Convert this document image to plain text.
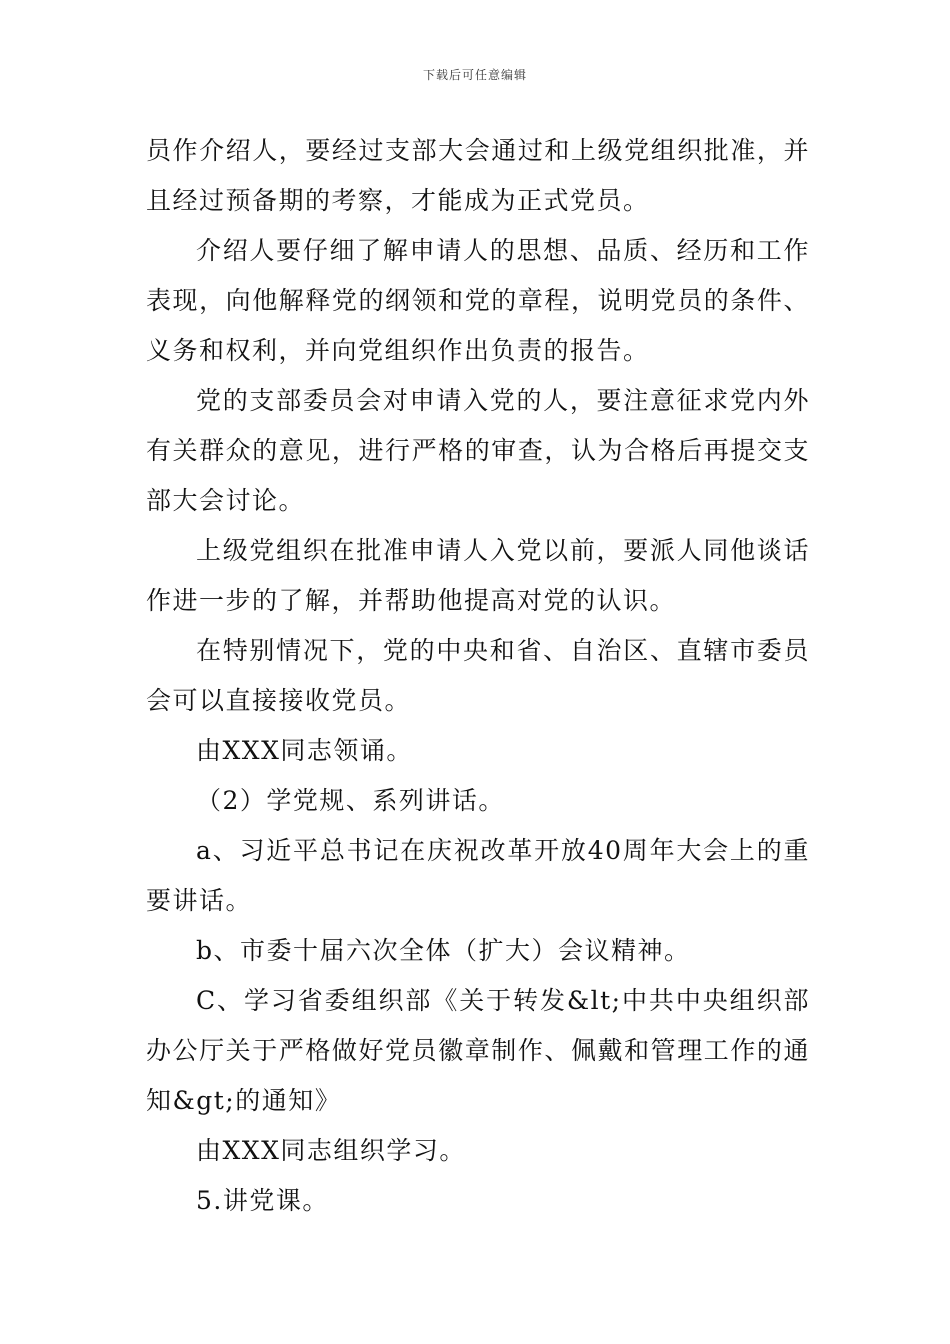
下载后可任意编辑

员作介绍人，要经过支部大会通过和上级党组织批准，并且经过预备期的考察，才能成为正式党员。

介绍人要仔细了解申请人的思想、品质、经历和工作表现，向他解释党的纲领和党的章程，说明党员的条件、义务和权利，并向党组织作出负责的报告。

党的支部委员会对申请入党的人，要注意征求党内外有关群众的意见，进行严格的审查，认为合格后再提交支部大会讨论。

上级党组织在批准申请人入党以前，要派人同他谈话作进一步的了解，并帮助他提高对党的认识。

在特别情况下，党的中央和省、自治区、直辖市委员会可以直接接收党员。

由XXX同志领诵。

（2）学党规、系列讲话。

a、习近平总书记在庆祝改革开放40周年大会上的重要讲话。

b、市委十届六次全体（扩大）会议精神。

C、学习省委组织部《关于转发&lt;中共中央组织部办公厅关于严格做好党员徽章制作、佩戴和管理工作的通知&gt;的通知》

由XXX同志组织学习。

5.讲党课。
